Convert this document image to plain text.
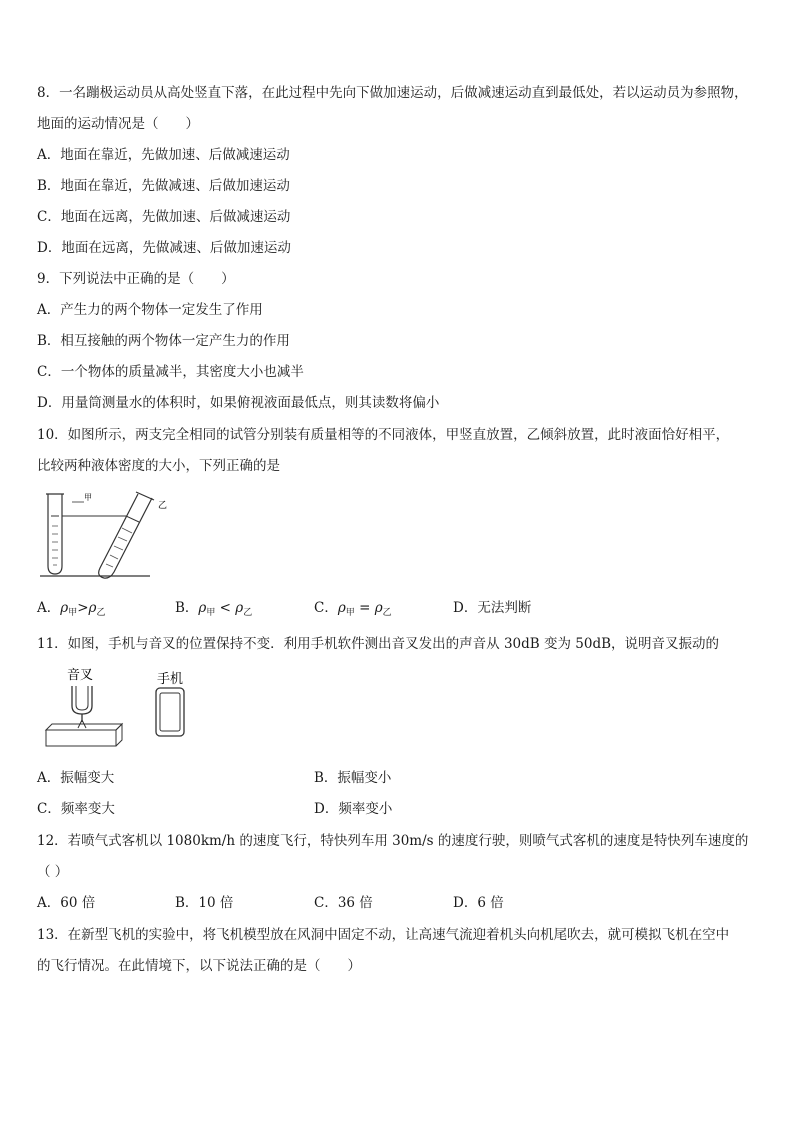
8．一名蹦极运动员从高处竖直下落，在此过程中先向下做加速运动，后做减速运动直到最低处，若以运动员为参照物，
地面的运动情况是（　　）
A．地面在靠近，先做加速、后做减速运动
B．地面在靠近，先做减速、后做加速运动
C．地面在远离，先做加速、后做减速运动
D．地面在远离，先做减速、后做加速运动
9．下列说法中正确的是（　　）
A．产生力的两个物体一定发生了作用
B．相互接触的两个物体一定产生力的作用
C．一个物体的质量减半，其密度大小也减半
D．用量筒测量水的体积时，如果俯视液面最低点，则其读数将偏小
10．如图所示，两支完全相同的试管分别装有质量相等的不同液体，甲竖直放置，乙倾斜放置，此时液面恰好相平，
比较两种液体密度的大小，下列正确的是
甲
乙
A．$\rho_甲>\rho_乙$	B．$\rho_甲 < \rho_乙$	C．$\rho_甲 = \rho_乙$	D．无法判断
11．如图，手机与音叉的位置保持不变．利用手机软件测出音叉发出的声音从 30dB 变为 50dB，说明音叉振动的
音叉	手机
A．振幅变大	B．振幅变小
C．频率变大	D．频率变小
12．若喷气式客机以 1080km/h 的速度飞行，特快列车用 30m/s 的速度行驶，则喷气式客机的速度是特快列车速度的
（ ）
A．60 倍	B．10 倍	C．36 倍	D．6 倍
13．在新型飞机的实验中，将飞机模型放在风洞中固定不动，让高速气流迎着机头向机尾吹去，就可模拟飞机在空中
的飞行情况。在此情境下，以下说法正确的是（　　）
